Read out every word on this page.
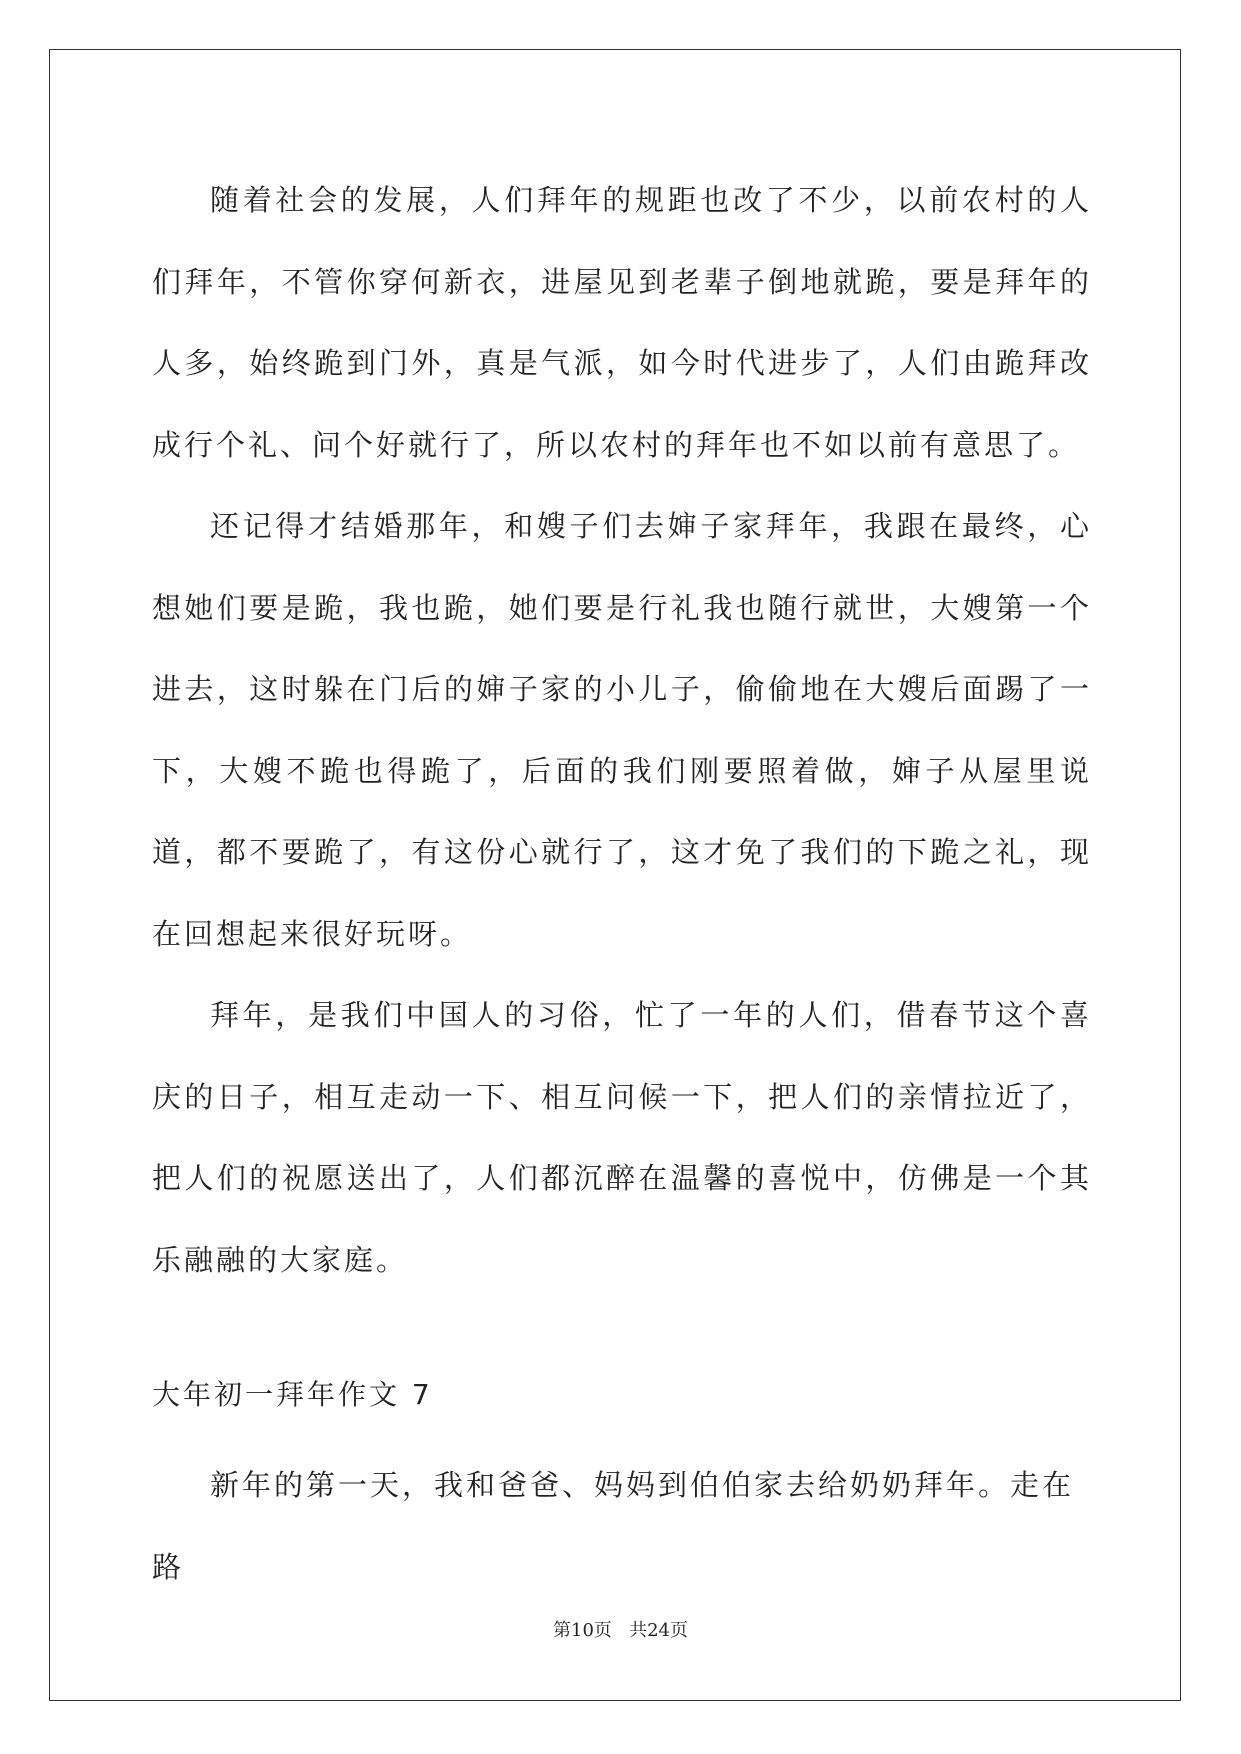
随着社会的发展，人们拜年的规距也改了不少，以前农村的人们拜年，不管你穿何新衣，进屋见到老辈子倒地就跪，要是拜年的人多，始终跪到门外，真是气派，如今时代进步了，人们由跪拜改成行个礼、问个好就行了，所以农村的拜年也不如以前有意思了。

还记得才结婚那年，和嫂子们去婶子家拜年，我跟在最终，心想她们要是跪，我也跪，她们要是行礼我也随行就世，大嫂第一个进去，这时躲在门后的婶子家的小儿子，偷偷地在大嫂后面踢了一下，大嫂不跪也得跪了，后面的我们刚要照着做，婶子从屋里说道，都不要跪了，有这份心就行了，这才免了我们的下跪之礼，现在回想起来很好玩呀。

拜年，是我们中国人的习俗，忙了一年的人们，借春节这个喜庆的日子，相互走动一下、相互问候一下，把人们的亲情拉近了，把人们的祝愿送出了，人们都沉醉在温馨的喜悦中，仿佛是一个其乐融融的大家庭。

大年初一拜年作文 7

新年的第一天，我和爸爸、妈妈到伯伯家去给奶奶拜年。走在路

第10页 共24页
